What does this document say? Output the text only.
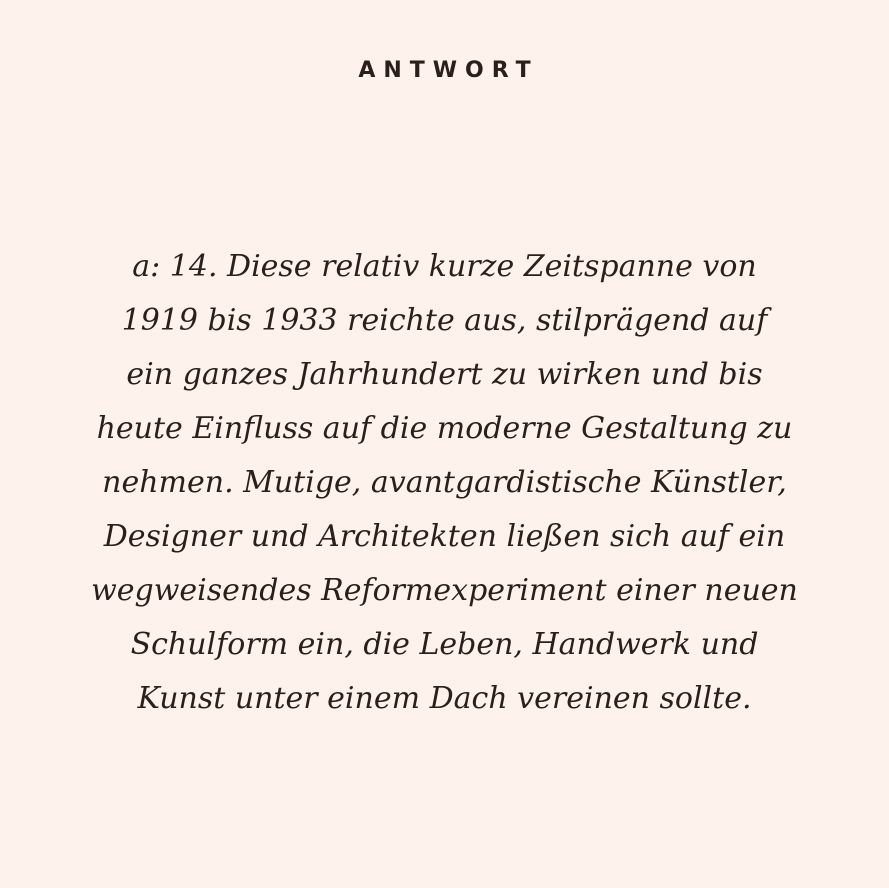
ANTWORT
a: 14. Diese relativ kurze Zeitspanne von
1919 bis 1933 reichte aus, stilprägend auf
ein ganzes Jahrhundert zu wirken und bis
heute Einfluss auf die moderne Gestaltung zu
nehmen. Mutige, avantgardistische Künstler,
Designer und Architekten ließen sich auf ein
wegweisendes Reformexperiment einer neuen
Schulform ein, die Leben, Handwerk und
Kunst unter einem Dach vereinen sollte.
